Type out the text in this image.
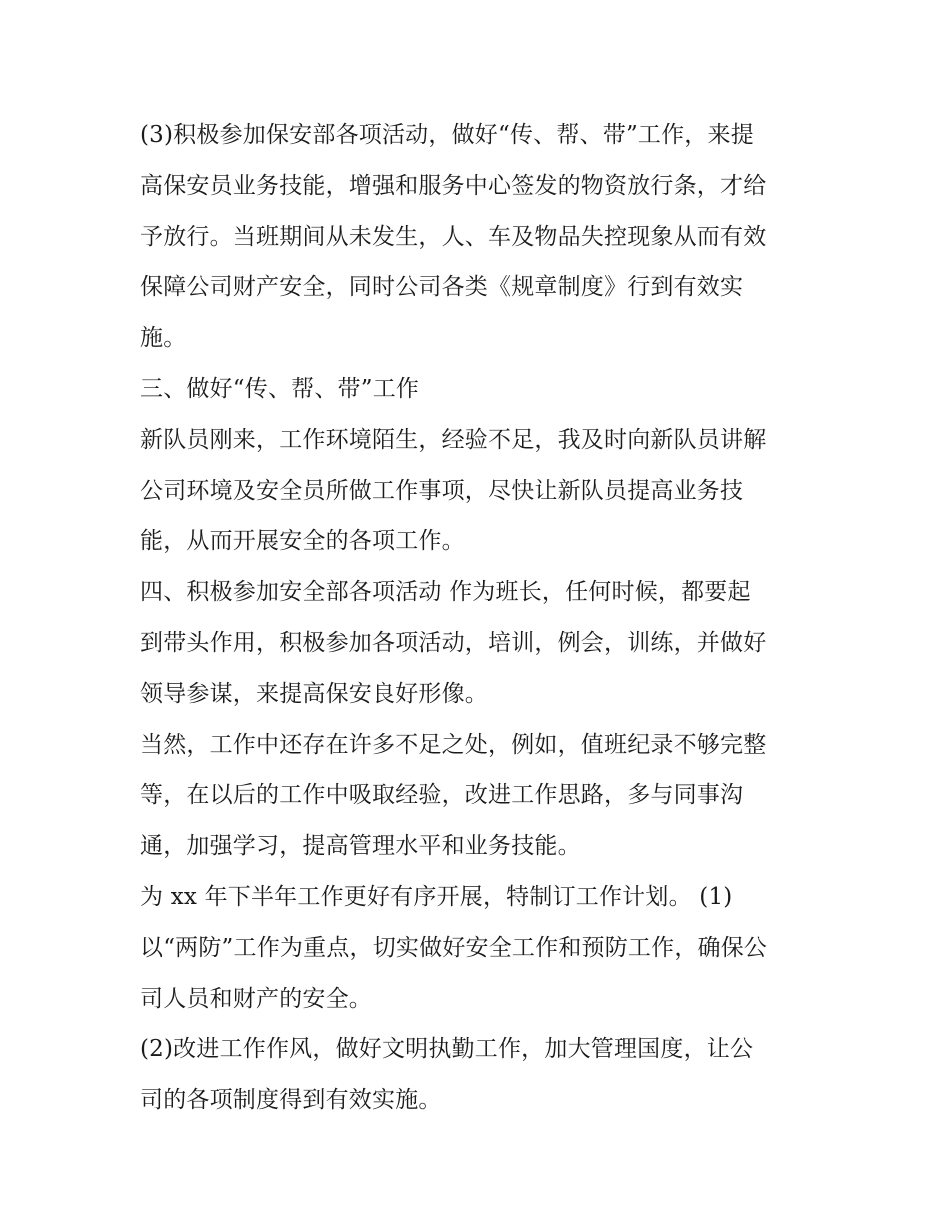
(3)积极参加保安部各项活动，做好“传、帮、带”工作，来提
高保安员业务技能，增强和服务中心签发的物资放行条，才给
予放行。当班期间从未发生，人、车及物品失控现象从而有效
保障公司财产安全，同时公司各类《规章制度》行到有效实
施。
三、做好“传、帮、带”工作
新队员刚来，工作环境陌生，经验不足，我及时向新队员讲解
公司环境及安全员所做工作事项，尽快让新队员提高业务技
能，从而开展安全的各项工作。
四、积极参加安全部各项活动 作为班长，任何时候，都要起
到带头作用，积极参加各项活动，培训，例会，训练，并做好
领导参谋，来提高保安良好形像。
当然，工作中还存在许多不足之处，例如，值班纪录不够完整
等，在以后的工作中吸取经验，改进工作思路，多与同事沟
通，加强学习，提高管理水平和业务技能。
为 xx 年下半年工作更好有序开展，特制订工作计划。 (1)
以“两防”工作为重点，切实做好安全工作和预防工作，确保公
司人员和财产的安全。
(2)改进工作作风，做好文明执勤工作，加大管理国度，让公
司的各项制度得到有效实施。
